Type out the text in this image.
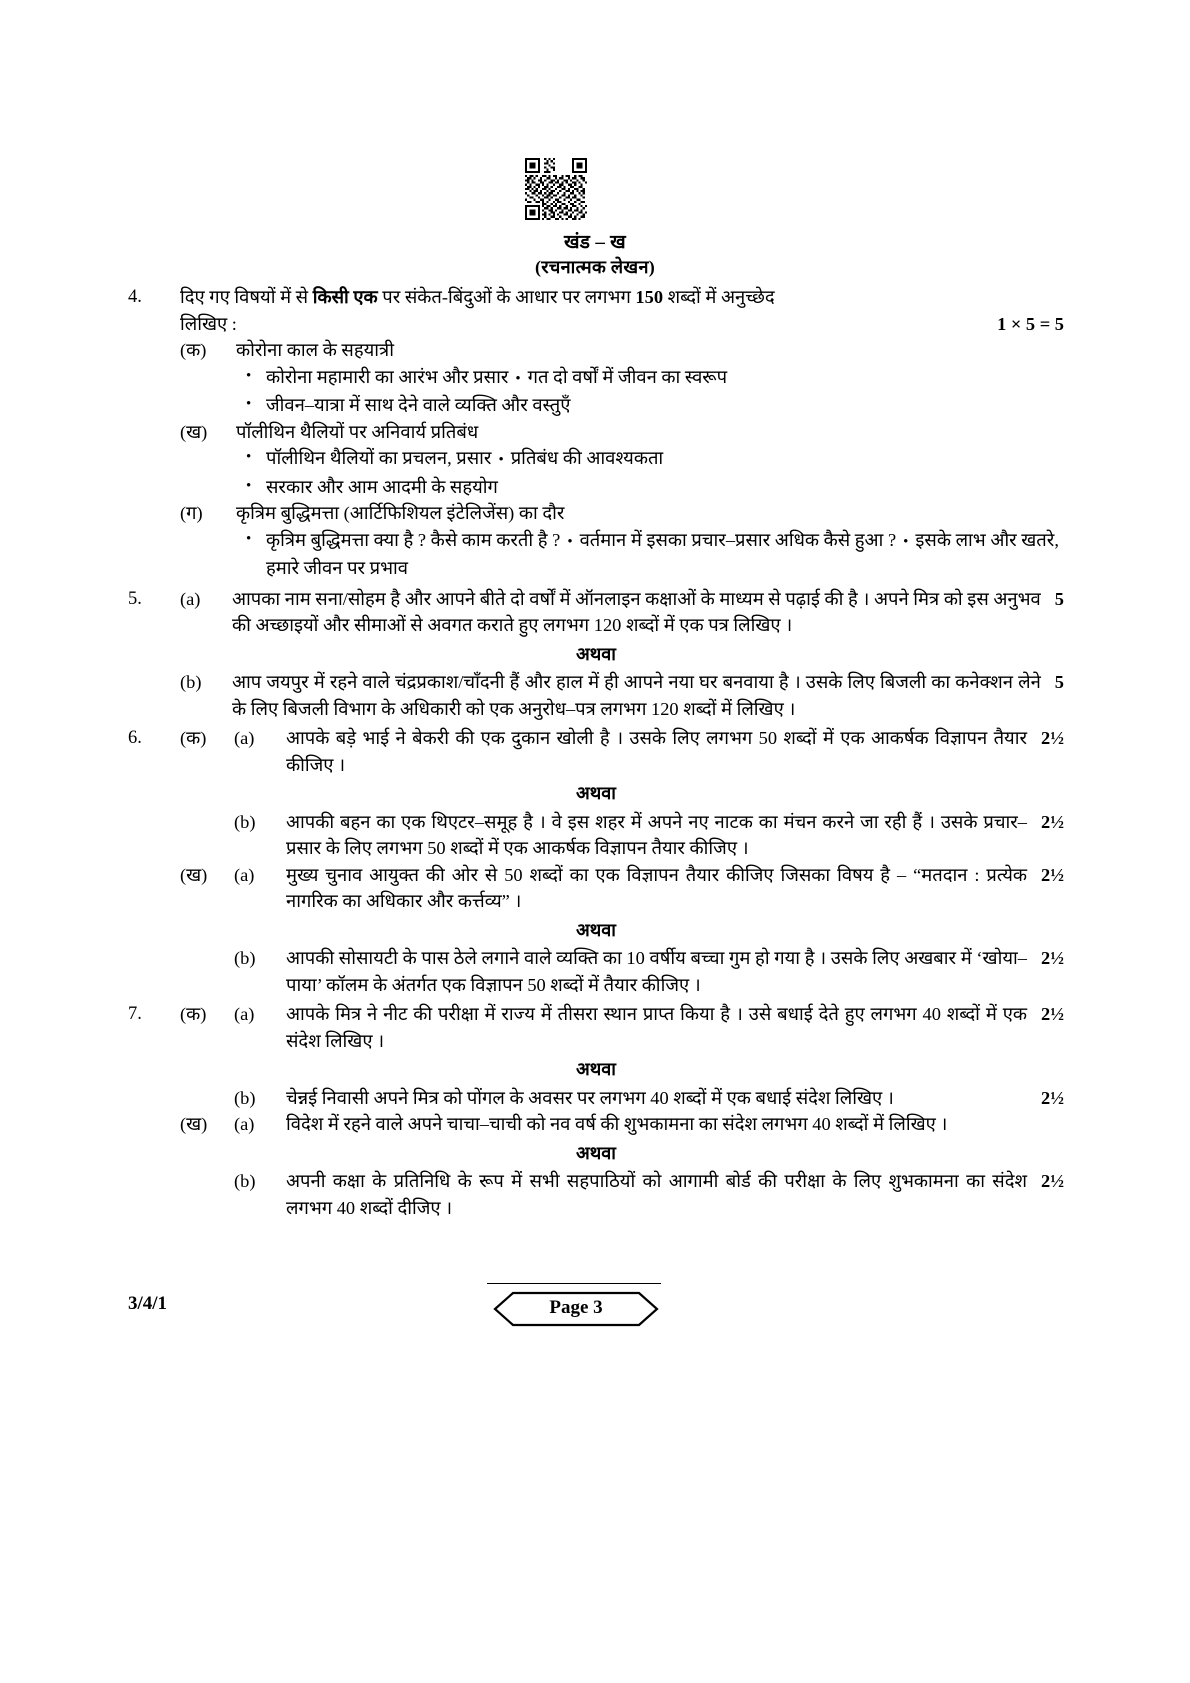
खंड – ख
(रचनात्मक लेखन)
4.	दिए गए विषयों में से किसी एक पर संकेत-बिंदुओं के आधार पर लगभग 150 शब्दों में अनुच्छेद
लिखिए :	1 × 5 = 5
(क)	कोरोना काल के सहयात्री
• कोरोना महामारी का आरंभ और प्रसार • गत दो वर्षों में जीवन का स्वरूप
• जीवन–यात्रा में साथ देने वाले व्यक्ति और वस्तुएँ
(ख)	पॉलीथिन थैलियों पर अनिवार्य प्रतिबंध
• पॉलीथिन थैलियों का प्रचलन, प्रसार • प्रतिबंध की आवश्यकता
• सरकार और आम आदमी के सहयोग
(ग)	कृत्रिम बुद्धिमत्ता (आर्टिफिशियल इंटेलिजेंस) का दौर
• कृत्रिम बुद्धिमत्ता क्या है ? कैसे काम करती है ? • वर्तमान में इसका प्रचार–प्रसार अधिक कैसे हुआ ? • इसके लाभ और खतरे, हमारे जीवन पर प्रभाव
5.	(a)	5
आपका नाम सना/सोहम है और आपने बीते दो वर्षों में ऑनलाइन कक्षाओं के माध्यम से पढ़ाई की है । अपने मित्र को इस अनुभव की अच्छाइयों और सीमाओं से अवगत कराते हुए लगभग 120 शब्दों में एक पत्र लिखिए ।
अथवा
(b)	5
आप जयपुर में रहने वाले चंद्रप्रकाश/चाँदनी हैं और हाल में ही आपने नया घर बनवाया है । उसके लिए बिजली का कनेक्शन लेने के लिए बिजली विभाग के अधिकारी को एक अनुरोध–पत्र लगभग 120 शब्दों में लिखिए ।
6.	(क)	(a)	2½
आपके बड़े भाई ने बेकरी की एक दुकान खोली है । उसके लिए लगभग 50 शब्दों में एक आकर्षक विज्ञापन तैयार कीजिए ।
अथवा
(b)	2½
आपकी बहन का एक थिएटर–समूह है । वे इस शहर में अपने नए नाटक का मंचन करने जा रही हैं । उसके प्रचार–प्रसार के लिए लगभग 50 शब्दों में एक आकर्षक विज्ञापन तैयार कीजिए ।
(ख)	(a)	2½
मुख्य चुनाव आयुक्त की ओर से 50 शब्दों का एक विज्ञापन तैयार कीजिए जिसका विषय है – “मतदान : प्रत्येक नागरिक का अधिकार और कर्त्तव्य” ।
अथवा
(b)	2½
आपकी सोसायटी के पास ठेले लगाने वाले व्यक्ति का 10 वर्षीय बच्चा गुम हो गया है । उसके लिए अखबार में ‘खोया–पाया’ कॉलम के अंतर्गत एक विज्ञापन 50 शब्दों में तैयार कीजिए ।
7.	(क)	(a)	2½
आपके मित्र ने नीट की परीक्षा में राज्य में तीसरा स्थान प्राप्त किया है । उसे बधाई देते हुए लगभग 40 शब्दों में एक संदेश लिखिए ।
अथवा
(b)	2½
चेन्नई निवासी अपने मित्र को पोंगल के अवसर पर लगभग 40 शब्दों में एक बधाई संदेश लिखिए ।
(ख)	(a)	विदेश में रहने वाले अपने चाचा–चाची को नव वर्ष की शुभकामना का संदेश लगभग 40 शब्दों में लिखिए ।
अथवा
(b)	2½
अपनी कक्षा के प्रतिनिधि के रूप में सभी सहपाठियों को आगामी बोर्ड की परीक्षा के लिए शुभकामना का संदेश लगभग 40 शब्दों दीजिए ।
3/4/1	Page 3
